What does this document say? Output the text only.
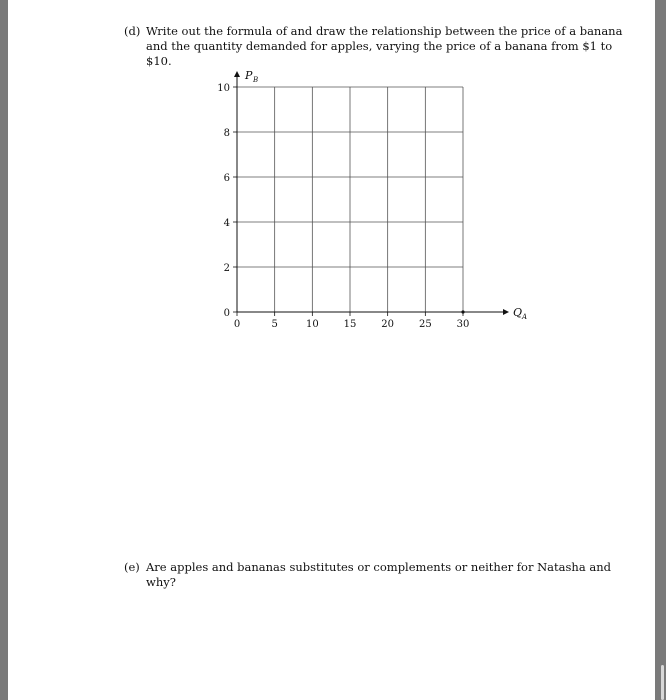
(d) Write out the formula of and draw the relationship between the price of a banana
and the quantity demanded for apples, varying the price of a banana from $1 to
$10.
0
2
4
6
8
10
0	5	10 15 20 25 30
P B
Q A
(e) Are apples and bananas substitutes or complements or neither for Natasha and
why?
